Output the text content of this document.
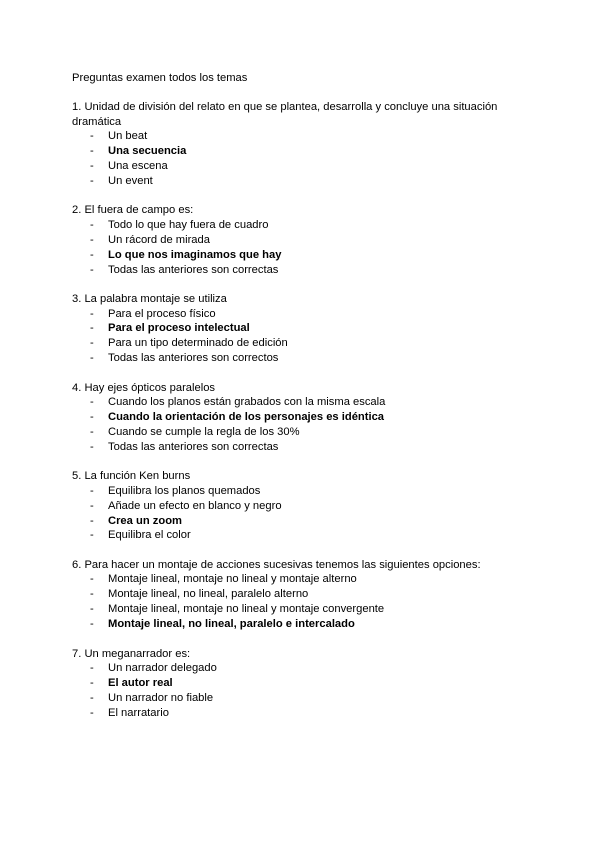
Preguntas examen todos los temas

1. Unidad de división del relato en que se plantea, desarrolla y concluye una situación dramática

- Un beat
- Una secuencia
- Una escena
- Un event

2. El fuera de campo es:

- Todo lo que hay fuera de cuadro
- Un rácord de mirada
- Lo que nos imaginamos que hay
- Todas las anteriores son correctas

3. La palabra montaje se utiliza

- Para el proceso físico
- Para el proceso intelectual
- Para un tipo determinado de edición
- Todas las anteriores son correctos

4. Hay ejes ópticos paralelos

- Cuando los planos están grabados con la misma escala
- Cuando la orientación de los personajes es idéntica
- Cuando se cumple la regla de los 30%
- Todas las anteriores son correctas

5. La función Ken burns

- Equilibra los planos quemados
- Añade un efecto en blanco y negro
- Crea un zoom
- Equilibra el color

6. Para hacer un montaje de acciones sucesivas tenemos las siguientes opciones:

- Montaje lineal, montaje no lineal y montaje alterno
- Montaje lineal, no lineal, paralelo alterno
- Montaje lineal, montaje no lineal y montaje convergente
- Montaje lineal, no lineal, paralelo e intercalado

7. Un meganarrador es:

- Un narrador delegado
- El autor real
- Un narrador no fiable
- El narratario
